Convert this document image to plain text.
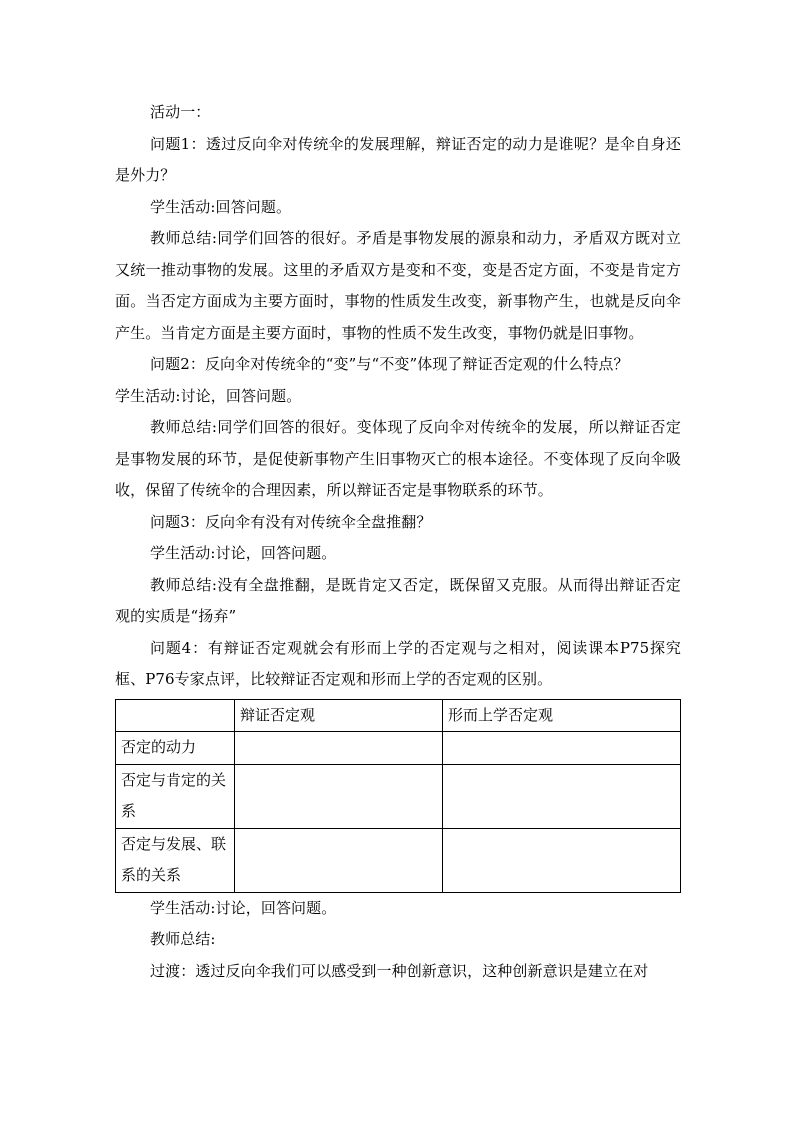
活动一：

问题1：透过反向伞对传统伞的发展理解，辩证否定的动力是谁呢？是伞自身还是外力？

学生活动:回答问题。

教师总结:同学们回答的很好。矛盾是事物发展的源泉和动力，矛盾双方既对立又统一推动事物的发展。这里的矛盾双方是变和不变，变是否定方面，不变是肯定方面。当否定方面成为主要方面时，事物的性质发生改变，新事物产生，也就是反向伞产生。当肯定方面是主要方面时，事物的性质不发生改变，事物仍就是旧事物。

问题2：反向伞对传统伞的“变”与“不变”体现了辩证否定观的什么特点？

学生活动:讨论，回答问题。

教师总结:同学们回答的很好。变体现了反向伞对传统伞的发展，所以辩证否定是事物发展的环节，是促使新事物产生旧事物灭亡的根本途径。不变体现了反向伞吸收，保留了传统伞的合理因素，所以辩证否定是事物联系的环节。

问题3：反向伞有没有对传统伞全盘推翻？

学生活动:讨论，回答问题。

教师总结:没有全盘推翻，是既肯定又否定，既保留又克服。从而得出辩证否定观的实质是“扬弃”

问题4：有辩证否定观就会有形而上学的否定观与之相对，阅读课本P75探究框、P76专家点评，比较辩证否定观和形而上学的否定观的区别。

	辩证否定观	形而上学否定观
否定的动力		
否定与肯定的关系		
否定与发展、联系的关系		

学生活动:讨论，回答问题。

教师总结:

过渡：透过反向伞我们可以感受到一种创新意识，这种创新意识是建立在对
